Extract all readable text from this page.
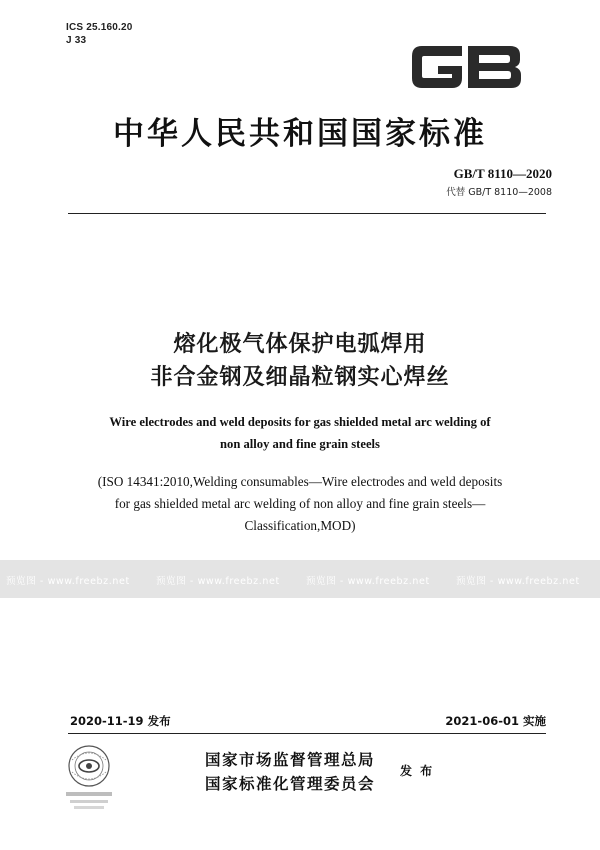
ICS 25.160.20
J 33	GB
中华人民共和国国家标准
GB/T 8110—2020
代替 GB/T 8110—2008
熔化极气体保护电弧焊用
非合金钢及细晶粒钢实心焊丝
Wire electrodes and weld deposits for gas shielded metal arc welding of
non alloy and fine grain steels
(ISO 14341:2010,Welding consumables—Wire electrodes and weld deposits
for gas shielded metal arc welding of non alloy and fine grain steels—
Classification,MOD)
预览图 - www.freebz.net	预览图 - www.freebz.net	预览图 - www.freebz.net	预览图 - www.freebz.net
2020-11-19 发布	2021-06-01 实施
国家市场监督管理总局
国家标准化管理委员会
发 布
